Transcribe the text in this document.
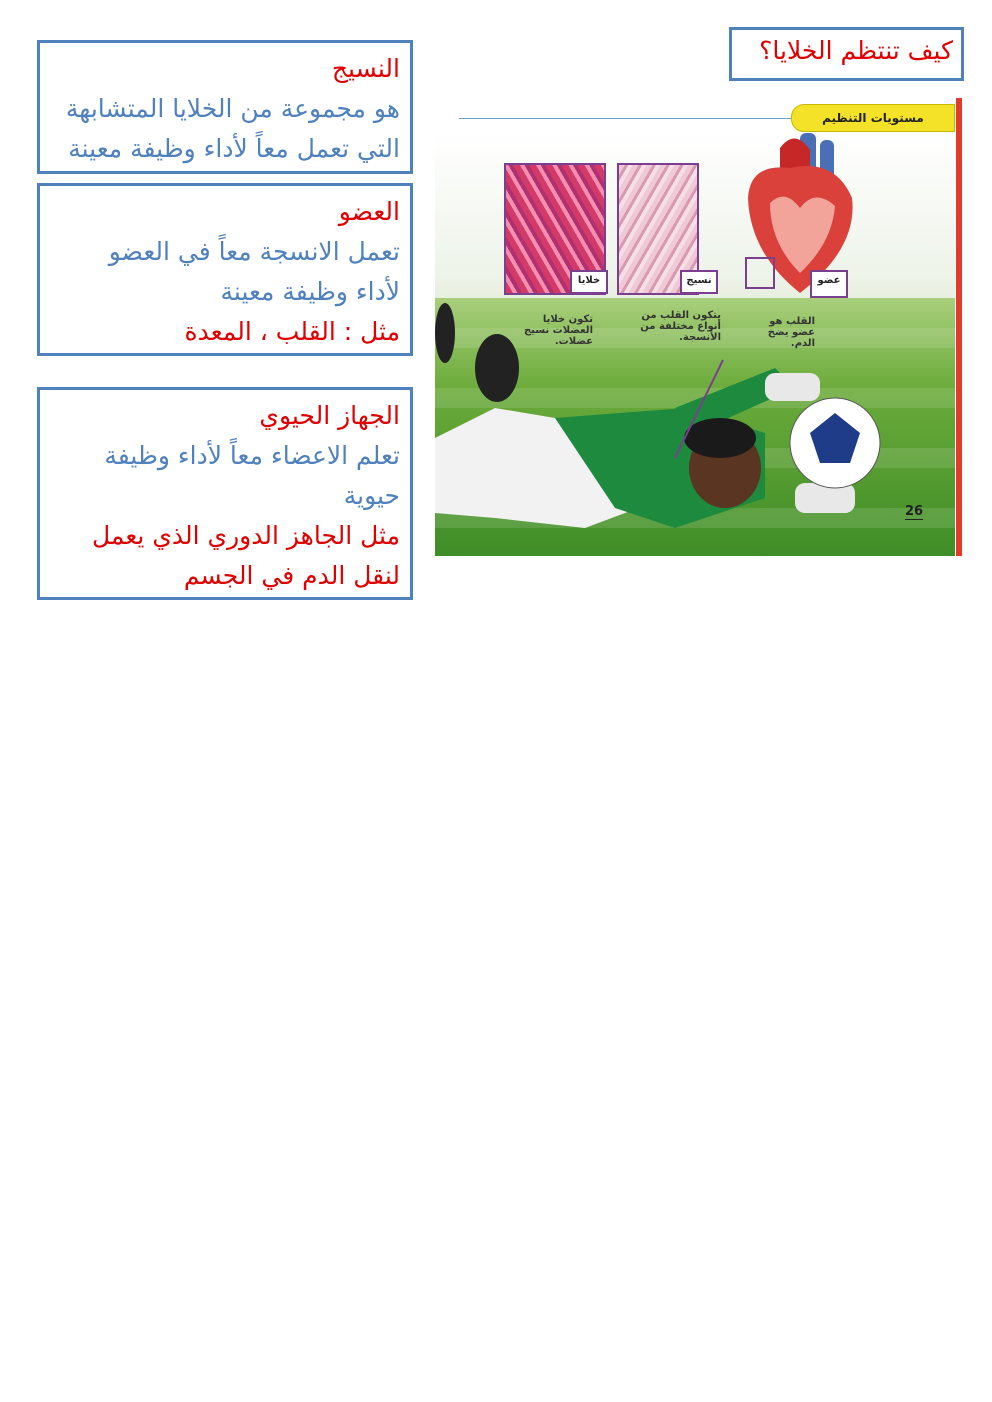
كيف تنتظم الخلايا؟
النسيج
هو مجموعة من الخلايا المتشابهة
التي تعمل معاً لأداء وظيفة معينة
العضو
تعمل الانسجة معاً في العضو
لأداء وظيفة معينة
مثل : القلب ، المعدة
الجهاز الحيوي
تعلم الاعضاء معاً لأداء وظيفة
حيوية
مثل الجاهز الدوري الذي يعمل
لنقل الدم في الجسم
مستويات التنظيم
خلايا	نسيج	عضو
تكون خلايا العضلات نسيج عضلات.
يتكون القلب من أنواع مختلفة من الأنسجة.
القلب هو عضو يضخ الدم.
26
